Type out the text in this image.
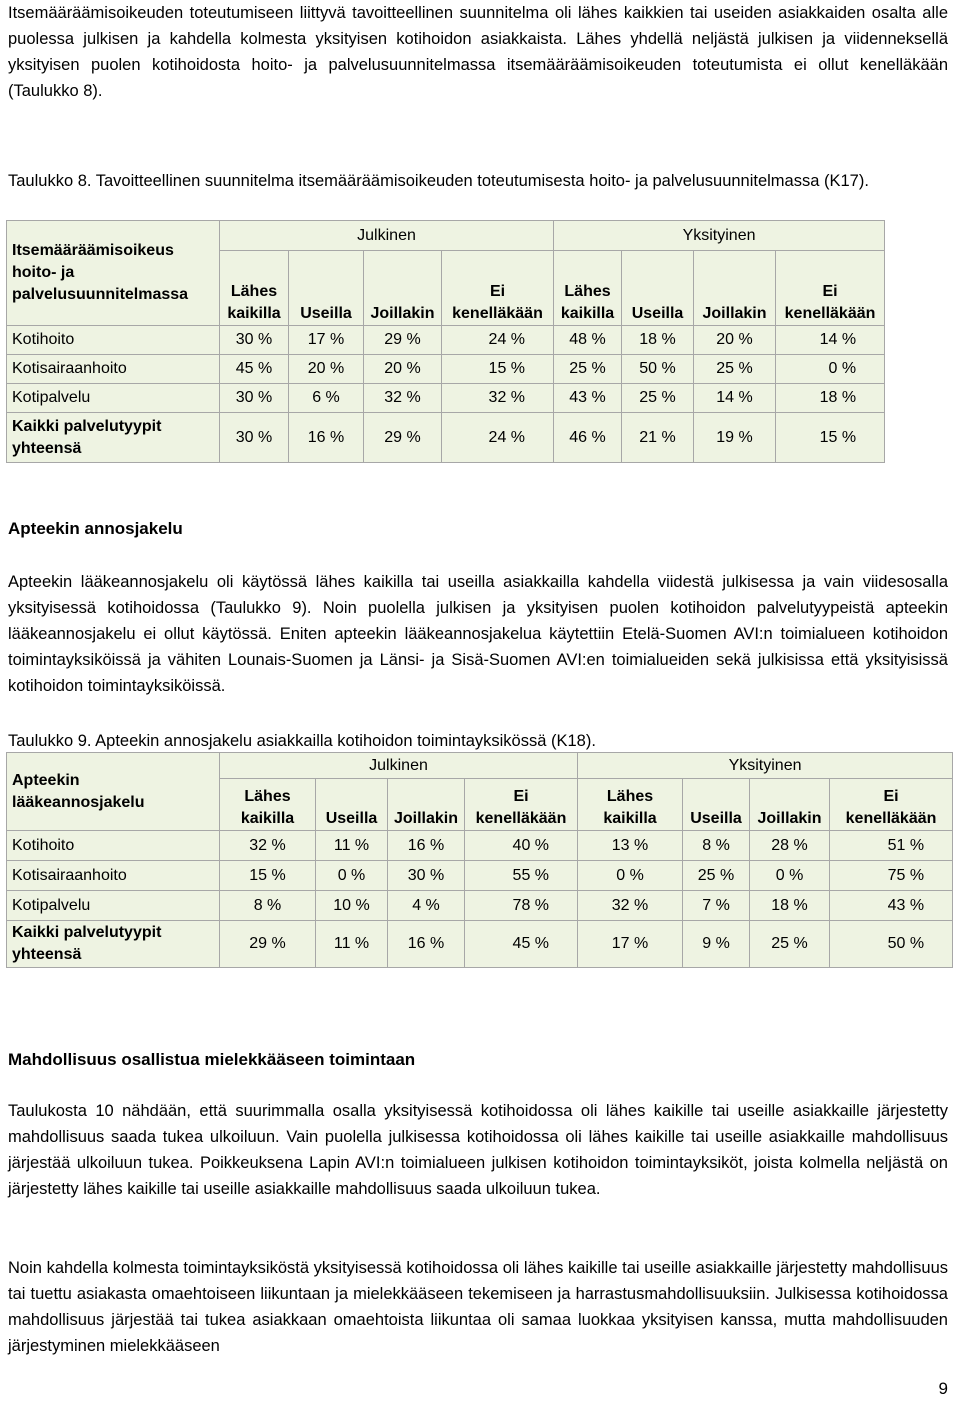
Itsemääräämisoikeuden toteutumiseen liittyvä tavoitteellinen suunnitelma oli lähes kaikkien tai useiden asiakkaiden osalta alle puolessa julkisen ja kahdella kolmesta yksityisen kotihoidon asiakkaista. Lähes yhdellä neljästä julkisen ja viidenneksellä yksityisen puolen kotihoidosta hoito- ja palvelusuunnitelmassa itsemääräämisoikeuden toteutumista ei ollut kenelläkään (Taulukko 8).

Taulukko 8. Tavoitteellinen suunnitelma itsemääräämisoikeuden toteutumisesta hoito- ja palvelusuunnitelmassa (K17).

Itsemääräämisoikeus hoito- ja palvelusuunnitelmassa	Julkinen				Yksityinen			
	Lähes kaikilla	Useilla	Joillakin	Ei kenelläkään	Lähes kaikilla	Useilla	Joillakin	Ei kenelläkään
Kotihoito	30 %	17 %	29 %	24 %	48 %	18 %	20 %	14 %
Kotisairaanhoito	45 %	20 %	20 %	15 %	25 %	50 %	25 %	0 %
Kotipalvelu	30 %	6 %	32 %	32 %	43 %	25 %	14 %	18 %
Kaikki palvelutyypit yhteensä	30 %	16 %	29 %	24 %	46 %	21 %	19 %	15 %

Apteekin annosjakelu

Apteekin lääkeannosjakelu oli käytössä lähes kaikilla tai useilla asiakkailla kahdella viidestä julkisessa ja vain viidesosalla yksityisessä kotihoidossa (Taulukko 9). Noin puolella julkisen ja yksityisen puolen kotihoidon palvelutyypeistä apteekin lääkeannosjakelu ei ollut käytössä. Eniten apteekin lääkeannosjakelua käytettiin Etelä-Suomen AVI:n toimialueen kotihoidon toimintayksiköissä ja vähiten Lounais-Suomen ja Länsi- ja Sisä-Suomen AVI:en toimialueiden sekä julkisissa että yksityisissä kotihoidon toimintayksiköissä.

Taulukko 9. Apteekin annosjakelu asiakkailla kotihoidon toimintayksikössä (K18).

Apteekin lääkeannosjakelu	Julkinen				Yksityinen			
	Lähes kaikilla	Useilla	Joillakin	Ei kenelläkään	Lähes kaikilla	Useilla	Joillakin	Ei kenelläkään
Kotihoito	32 %	11 %	16 %	40 %	13 %	8 %	28 %	51 %
Kotisairaanhoito	15 %	0 %	30 %	55 %	0 %	25 %	0 %	75 %
Kotipalvelu	8 %	10 %	4 %	78 %	32 %	7 %	18 %	43 %
Kaikki palvelutyypit yhteensä	29 %	11 %	16 %	45 %	17 %	9 %	25 %	50 %

Mahdollisuus osallistua mielekkääseen toimintaan

Taulukosta 10 nähdään, että suurimmalla osalla yksityisessä kotihoidossa oli lähes kaikille tai useille asiakkaille järjestetty mahdollisuus saada tukea ulkoiluun. Vain puolella julkisessa kotihoidossa oli lähes kaikille tai useille asiakkaille mahdollisuus järjestää ulkoiluun tukea. Poikkeuksena Lapin AVI:n toimialueen julkisen kotihoidon toimintayksiköt, joista kolmella neljästä on järjestetty lähes kaikille tai useille asiakkaille mahdollisuus saada ulkoiluun tukea.

Noin kahdella kolmesta toimintayksiköstä yksityisessä kotihoidossa oli lähes kaikille tai useille asiakkaille järjestetty mahdollisuus tai tuettu asiakasta omaehtoiseen liikuntaan ja mielekkääseen tekemiseen ja harrastusmahdollisuuksiin. Julkisessa kotihoidossa mahdollisuus järjestää tai tukea asiakkaan omaehtoista liikuntaa oli samaa luokkaa yksityisen kanssa, mutta mahdollisuuden järjestyminen mielekkääseen

9
